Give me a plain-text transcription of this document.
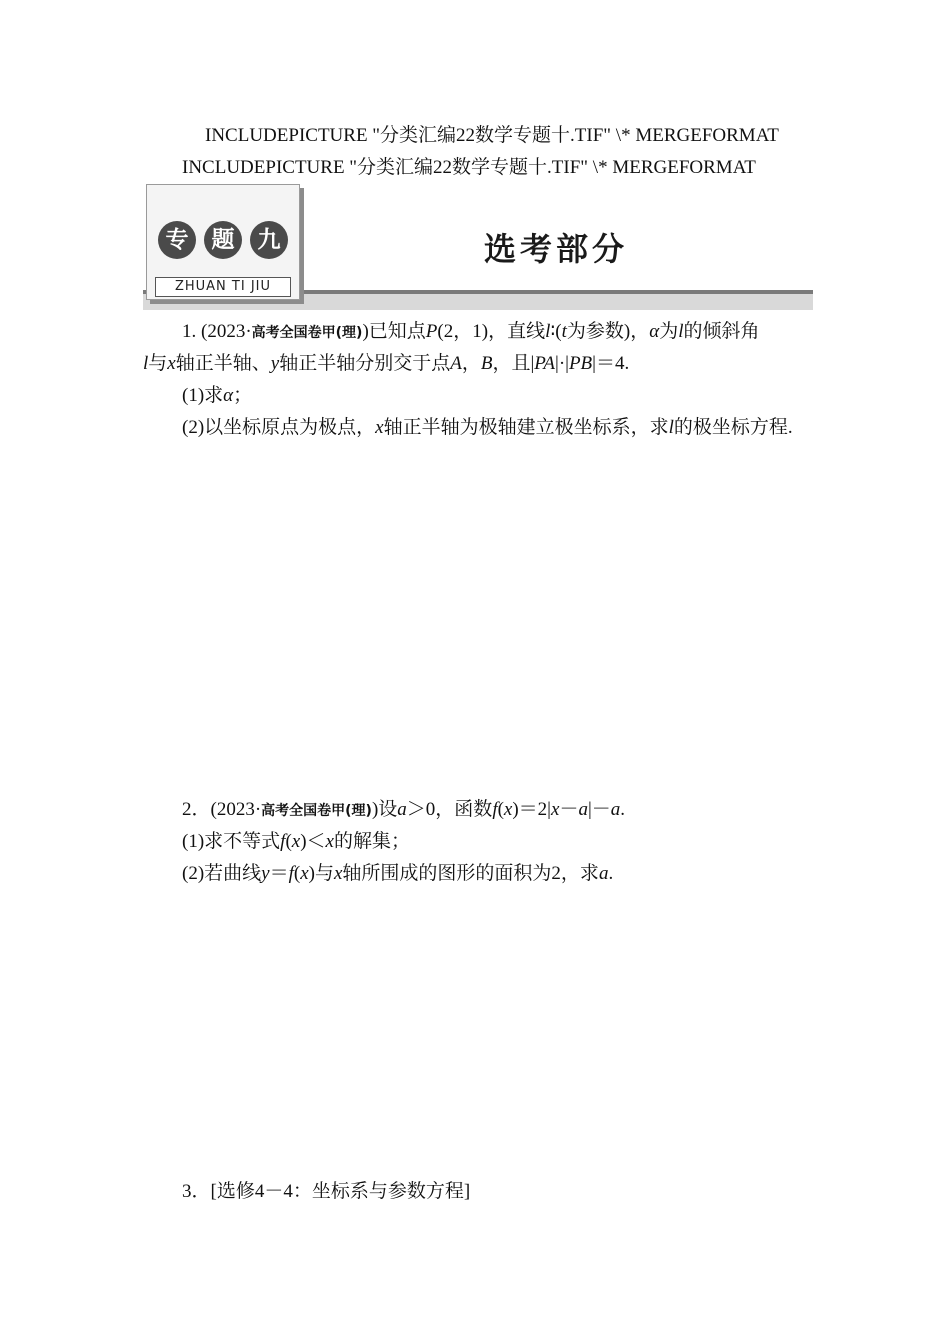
INCLUDEPICTURE "分类汇编22数学专题十.TIF" \* MERGEFORMAT
INCLUDEPICTURE "分类汇编22数学专题十.TIF" \* MERGEFORMAT
专	题	九
ZHUAN TI JIU
选考部分
1. (2023·高考全国卷甲(理))已知点P(2，1)，直线l∶(t为参数)，α为l的倾斜角
l与x轴正半轴、y轴正半轴分别交于点A，B，且|PA|·|PB|＝4.
(1)求α；
(2)以坐标原点为极点，x轴正半轴为极轴建立极坐标系，求l的极坐标方程.
2．(2023·高考全国卷甲(理))设a＞0，函数f(x)＝2|x－a|－a.
(1)求不等式f(x)＜x的解集；
(2)若曲线y＝f(x)与x轴所围成的图形的面积为2，求a.
3．[选修4－4：坐标系与参数方程]
